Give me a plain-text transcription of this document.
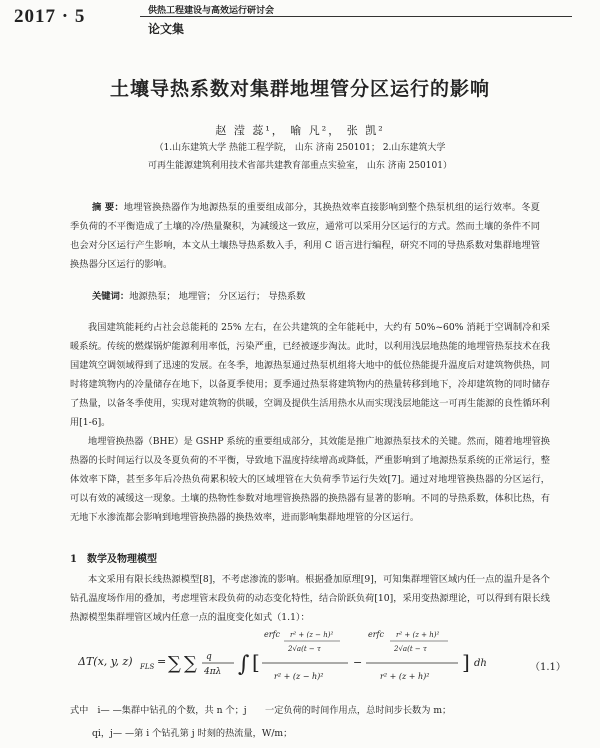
2017 · 5	供热工程建设与高效运行研讨会
论文集
土壤导热系数对集群地埋管分区运行的影响
赵 滢 蕊¹， 喻 凡²， 张 凯²
（1.山东建筑大学 热能工程学院， 山东 济南 250101； 2.山东建筑大学
可再生能源建筑利用技术省部共建教育部重点实验室， 山东 济南 250101）
摘 要：地埋管换热器作为地源热泵的重要组成部分，其换热效率直接影响到整个热泵机组的运行效率。冬夏季负荷的不平衡造成了土壤的冷/热量聚积，为减缓这一致应，通常可以采用分区运行的方式。然而土壤的条件不同也会对分区运行产生影响，本文从土壤热导热系数入手，利用 C 语言进行编程，研究不同的导热系数对集群地埋管换热器分区运行的影响。
关键词：地源热泵； 地埋管； 分区运行； 导热系数

我国建筑能耗约占社会总能耗的 25% 左右，在公共建筑的全年能耗中，大约有 50%~60% 消耗于空调制冷和采暖系统。传统的燃煤锅炉能源利用率低，污染严重，已经被逐步淘汰。此时，以利用浅层地热能的地埋管热泵技术在我国建筑空调领域得到了迅速的发展。在冬季，地源热泵通过热泵机组将大地中的低位热能提升温度后对建筑物供热，同时将建筑物内的冷量储存在地下，以备夏季使用；夏季通过热泵将建筑物内的热量转移到地下，冷却建筑物的同时储存了热量，以备冬季使用，实现对建筑物的供暖，空调及提供生活用热水从而实现浅层地能这一可再生能源的良性循环利用[1-6]。

地埋管换热器（BHE）是 GSHP 系统的重要组成部分，其效能是推广地源热泵技术的关键。然而，随着地埋管换热器的长时间运行以及冬夏负荷的不平衡，导致地下温度持续增高或降低，严重影响到了地源热泵系统的正常运行，整体效率下降，甚至多年后冷热负荷累积较大的区域埋管在大负荷季节运行失效[7]。通过对地埋管换热器的分区运行，可以有效的减缓这一现象。土壤的热物性参数对地埋管换热器的换热器有显著的影响。不同的导热系数，体积比热，有无地下水渗流都会影响到地埋管换热器的换热效率，进而影响集群地埋管的分区运行。

1　数学及物理模型

本文采用有限长线热源模型[8]，不考虑渗流的影响。根据叠加原理[9]，可知集群埋管区域内任一点的温升是各个钻孔温度场作用的叠加，考虑埋管末段负荷的动态变化特性，结合阶跃负荷[10]，采用变热源理论，可以得到有限长线热源模型集群埋管区域内任意一点的温度变化如式（1.1）：

ΔT(x, y, z) FLS = ∑ ∑ q
4πλ ∫ [
erfc r² + (z − h)²
2√a(t − τ
r² + (z − h)²
−
erfc r² + (z + h)²
2√a(t − τ
r² + (z + h)²
] dh	（1.1）
式中　i— —集群中钻孔的个数，共 n 个；j　　一定负荷的时间作用点，总时间步长数为 m；
qi，j— —第 i 个钻孔第 j 时刻的热流量，W/m；
